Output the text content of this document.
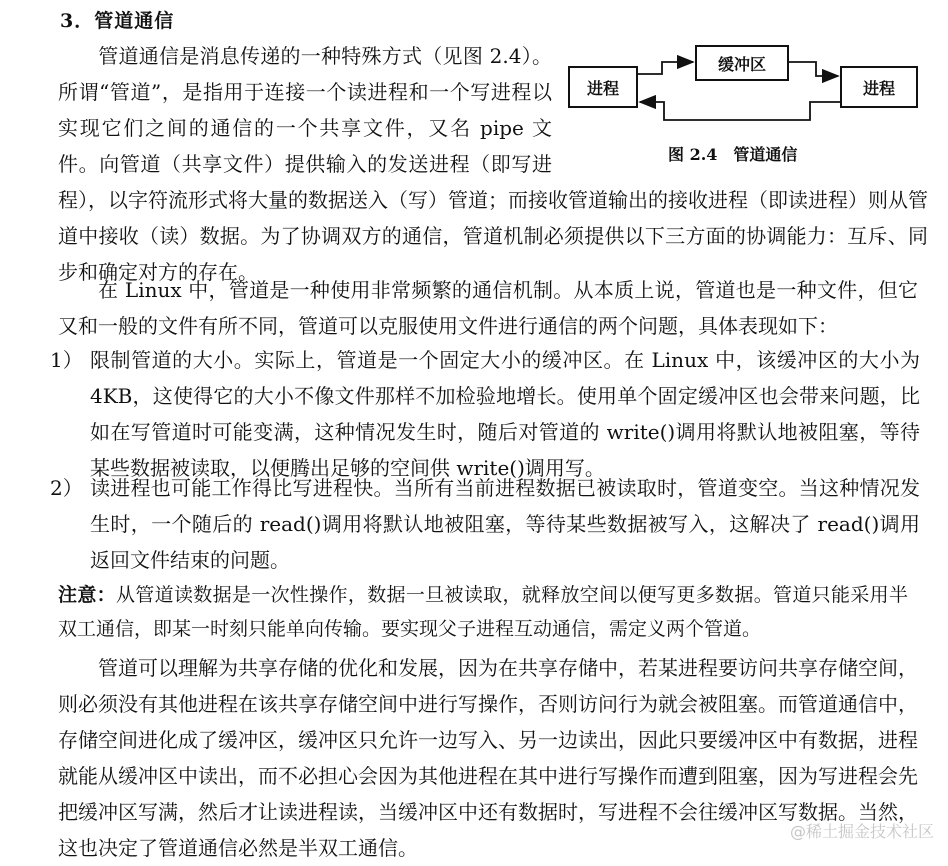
3．管道通信
管道通信是消息传递的一种特殊方式（见图 2.4）。所谓“管道”，是指用于连接一个读进程和一个写进程以实现它们之间的通信的一个共享文件，又名 pipe 文件。向管道（共享文件）提供输入的发送进程（即写进程），以字符流形式将大量的数据送入（写）管道；而接收管道输出的接收进程（即读进程）则从管道中接收（读）数据。为了协调双方的通信，管道机制必须提供以下三方面的协调能力：互斥、同步和确定对方的存在。
进程
缓冲区
进程
图 2.4　管道通信
在 Linux 中，管道是一种使用非常频繁的通信机制。从本质上说，管道也是一种文件，但它又和一般的文件有所不同，管道可以克服使用文件进行通信的两个问题，具体表现如下：
1） 限制管道的大小。实际上，管道是一个固定大小的缓冲区。在 Linux 中，该缓冲区的大小为 4KB，这使得它的大小不像文件那样不加检验地增长。使用单个固定缓冲区也会带来问题，比如在写管道时可能变满，这种情况发生时，随后对管道的 write()调用将默认地被阻塞，等待某些数据被读取，以便腾出足够的空间供 write()调用写。
2） 读进程也可能工作得比写进程快。当所有当前进程数据已被读取时，管道变空。当这种情况发生时，一个随后的 read()调用将默认地被阻塞，等待某些数据被写入，这解决了 read()调用返回文件结束的问题。
注意：从管道读数据是一次性操作，数据一旦被读取，就释放空间以便写更多数据。管道只能采用半双工通信，即某一时刻只能单向传输。要实现父子进程互动通信，需定义两个管道。
管道可以理解为共享存储的优化和发展，因为在共享存储中，若某进程要访问共享存储空间，则必须没有其他进程在该共享存储空间中进行写操作，否则访问行为就会被阻塞。而管道通信中，存储空间进化成了缓冲区，缓冲区只允许一边写入、另一边读出，因此只要缓冲区中有数据，进程就能从缓冲区中读出，而不必担心会因为其他进程在其中进行写操作而遭到阻塞，因为写进程会先把缓冲区写满，然后才让读进程读，当缓冲区中还有数据时，写进程不会往缓冲区写数据。当然，这也决定了管道通信必然是半双工通信。
@稀土掘金技术社区
